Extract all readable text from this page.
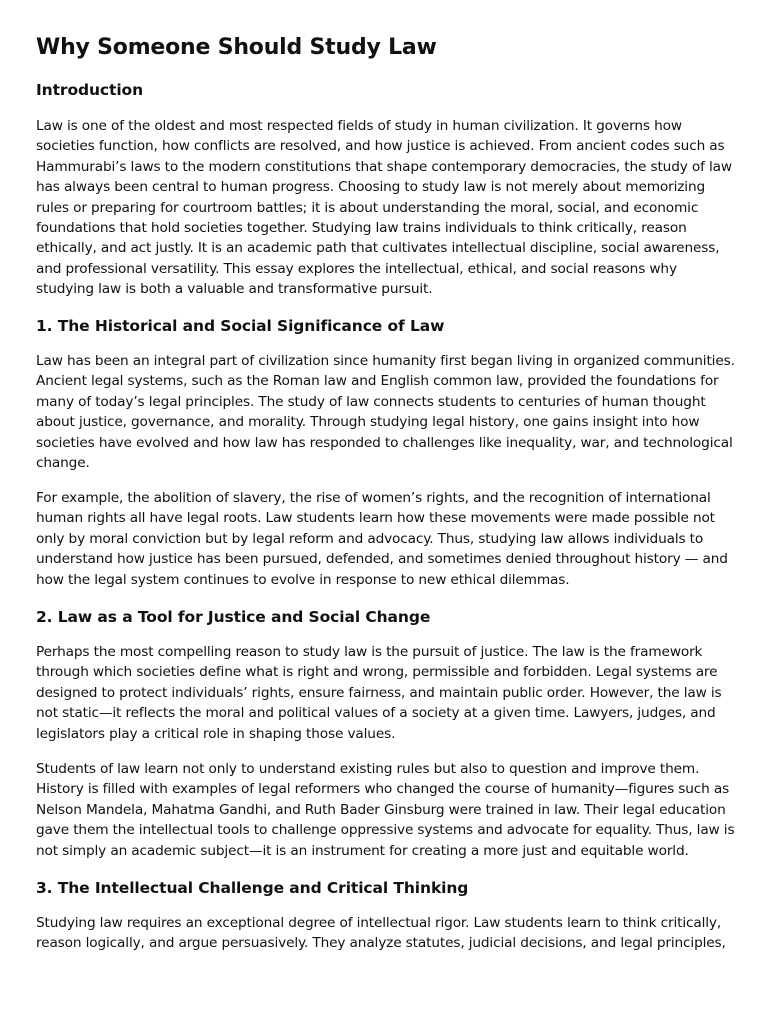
Why Someone Should Study Law
Introduction

Law is one of the oldest and most respected fields of study in human civilization. It governs how societies function, how conflicts are resolved, and how justice is achieved. From ancient codes such as Hammurabi’s laws to the modern constitutions that shape contemporary democracies, the study of law has always been central to human progress. Choosing to study law is not merely about memorizing rules or preparing for courtroom battles; it is about understanding the moral, social, and economic foundations that hold societies together. Studying law trains individuals to think critically, reason ethically, and act justly. It is an academic path that cultivates intellectual discipline, social awareness, and professional versatility. This essay explores the intellectual, ethical, and social reasons why studying law is both a valuable and transformative pursuit.

1. The Historical and Social Significance of Law

Law has been an integral part of civilization since humanity first began living in organized communities. Ancient legal systems, such as the Roman law and English common law, provided the foundations for many of today’s legal principles. The study of law connects students to centuries of human thought about justice, governance, and morality. Through studying legal history, one gains insight into how societies have evolved and how law has responded to challenges like inequality, war, and technological change.

For example, the abolition of slavery, the rise of women’s rights, and the recognition of international human rights all have legal roots. Law students learn how these movements were made possible not only by moral conviction but by legal reform and advocacy. Thus, studying law allows individuals to understand how justice has been pursued, defended, and sometimes denied throughout history — and how the legal system continues to evolve in response to new ethical dilemmas.

2. Law as a Tool for Justice and Social Change

Perhaps the most compelling reason to study law is the pursuit of justice. The law is the framework through which societies define what is right and wrong, permissible and forbidden. Legal systems are designed to protect individuals’ rights, ensure fairness, and maintain public order. However, the law is not static—it reflects the moral and political values of a society at a given time. Lawyers, judges, and legislators play a critical role in shaping those values.

Students of law learn not only to understand existing rules but also to question and improve them. History is filled with examples of legal reformers who changed the course of humanity—figures such as Nelson Mandela, Mahatma Gandhi, and Ruth Bader Ginsburg were trained in law. Their legal education gave them the intellectual tools to challenge oppressive systems and advocate for equality. Thus, law is not simply an academic subject—it is an instrument for creating a more just and equitable world.

3. The Intellectual Challenge and Critical Thinking

Studying law requires an exceptional degree of intellectual rigor. Law students learn to think critically, reason logically, and argue persuasively. They analyze statutes, judicial decisions, and legal principles,
